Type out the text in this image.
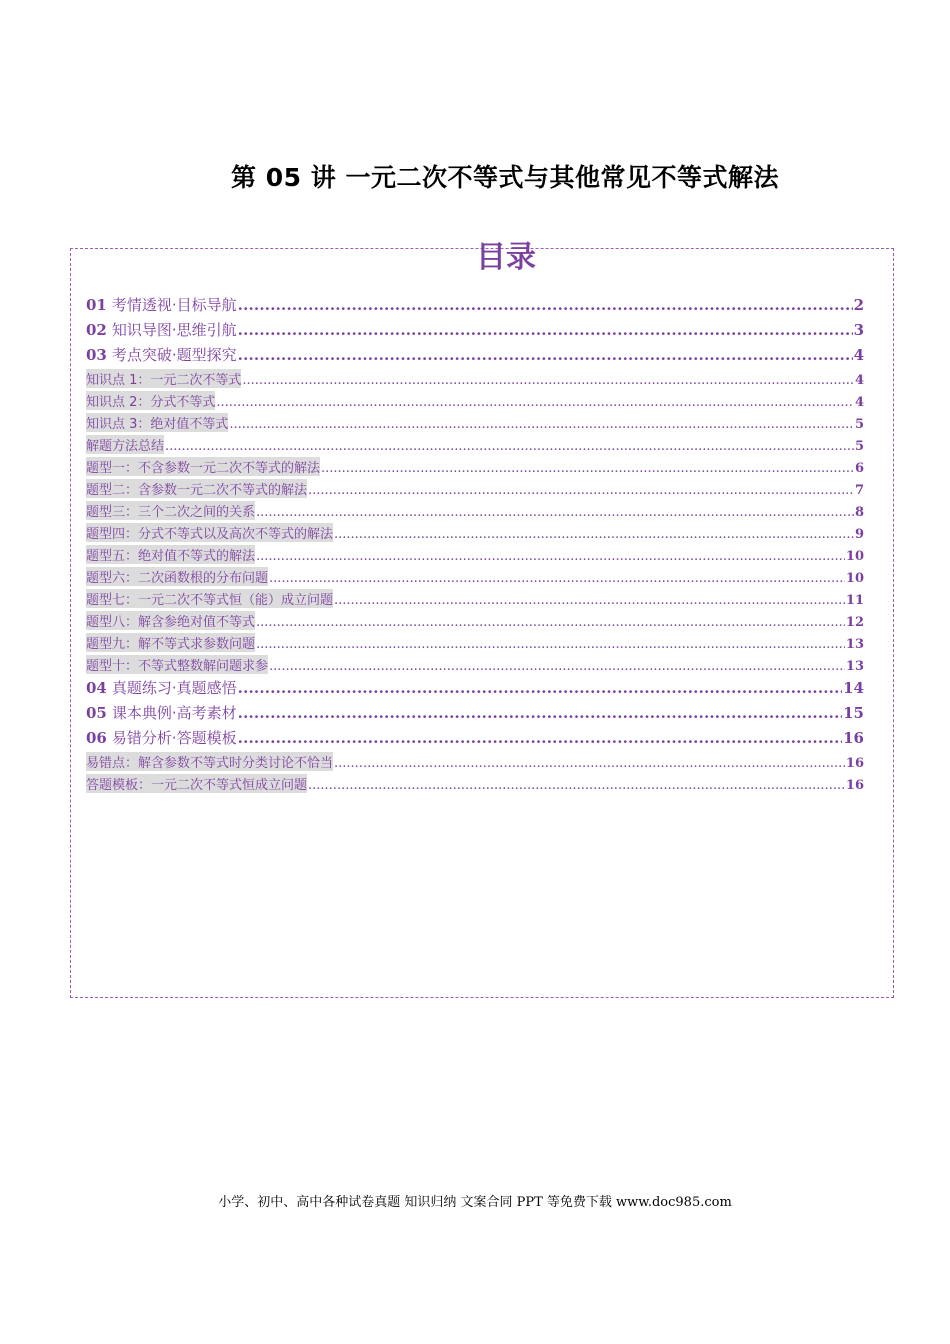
第 05 讲 一元二次不等式与其他常见不等式解法
目录
01 考情透视·目标导航 .....	2
02 知识导图·思维引航 .....	3
03 考点突破·题型探究 .....	4
知识点 1：一元二次不等式 .....	4
知识点 2：分式不等式 .....	4
知识点 3：绝对值不等式 .....	5
解题方法总结 .....	5
题型一：不含参数一元二次不等式的解法 .....	6
题型二：含参数一元二次不等式的解法 .....	7
题型三：三个二次之间的关系 .....	8
题型四：分式不等式以及高次不等式的解法 .....	9
题型五：绝对值不等式的解法 .....	10
题型六：二次函数根的分布问题 .....	10
题型七：一元二次不等式恒（能）成立问题 .....	11
题型八：解含参绝对值不等式 .....	12
题型九：解不等式求参数问题 .....	13
题型十：不等式整数解问题求参 .....	13
04 真题练习·真题感悟 .....	14
05 课本典例·高考素材 .....	15
06 易错分析·答题模板 .....	16
易错点：解含参数不等式时分类讨论不恰当 .....	16
答题模板：一元二次不等式恒成立问题 .....	16
小学、初中、高中各种试卷真题 知识归纳 文案合同 PPT 等免费下载 www.doc985.com
